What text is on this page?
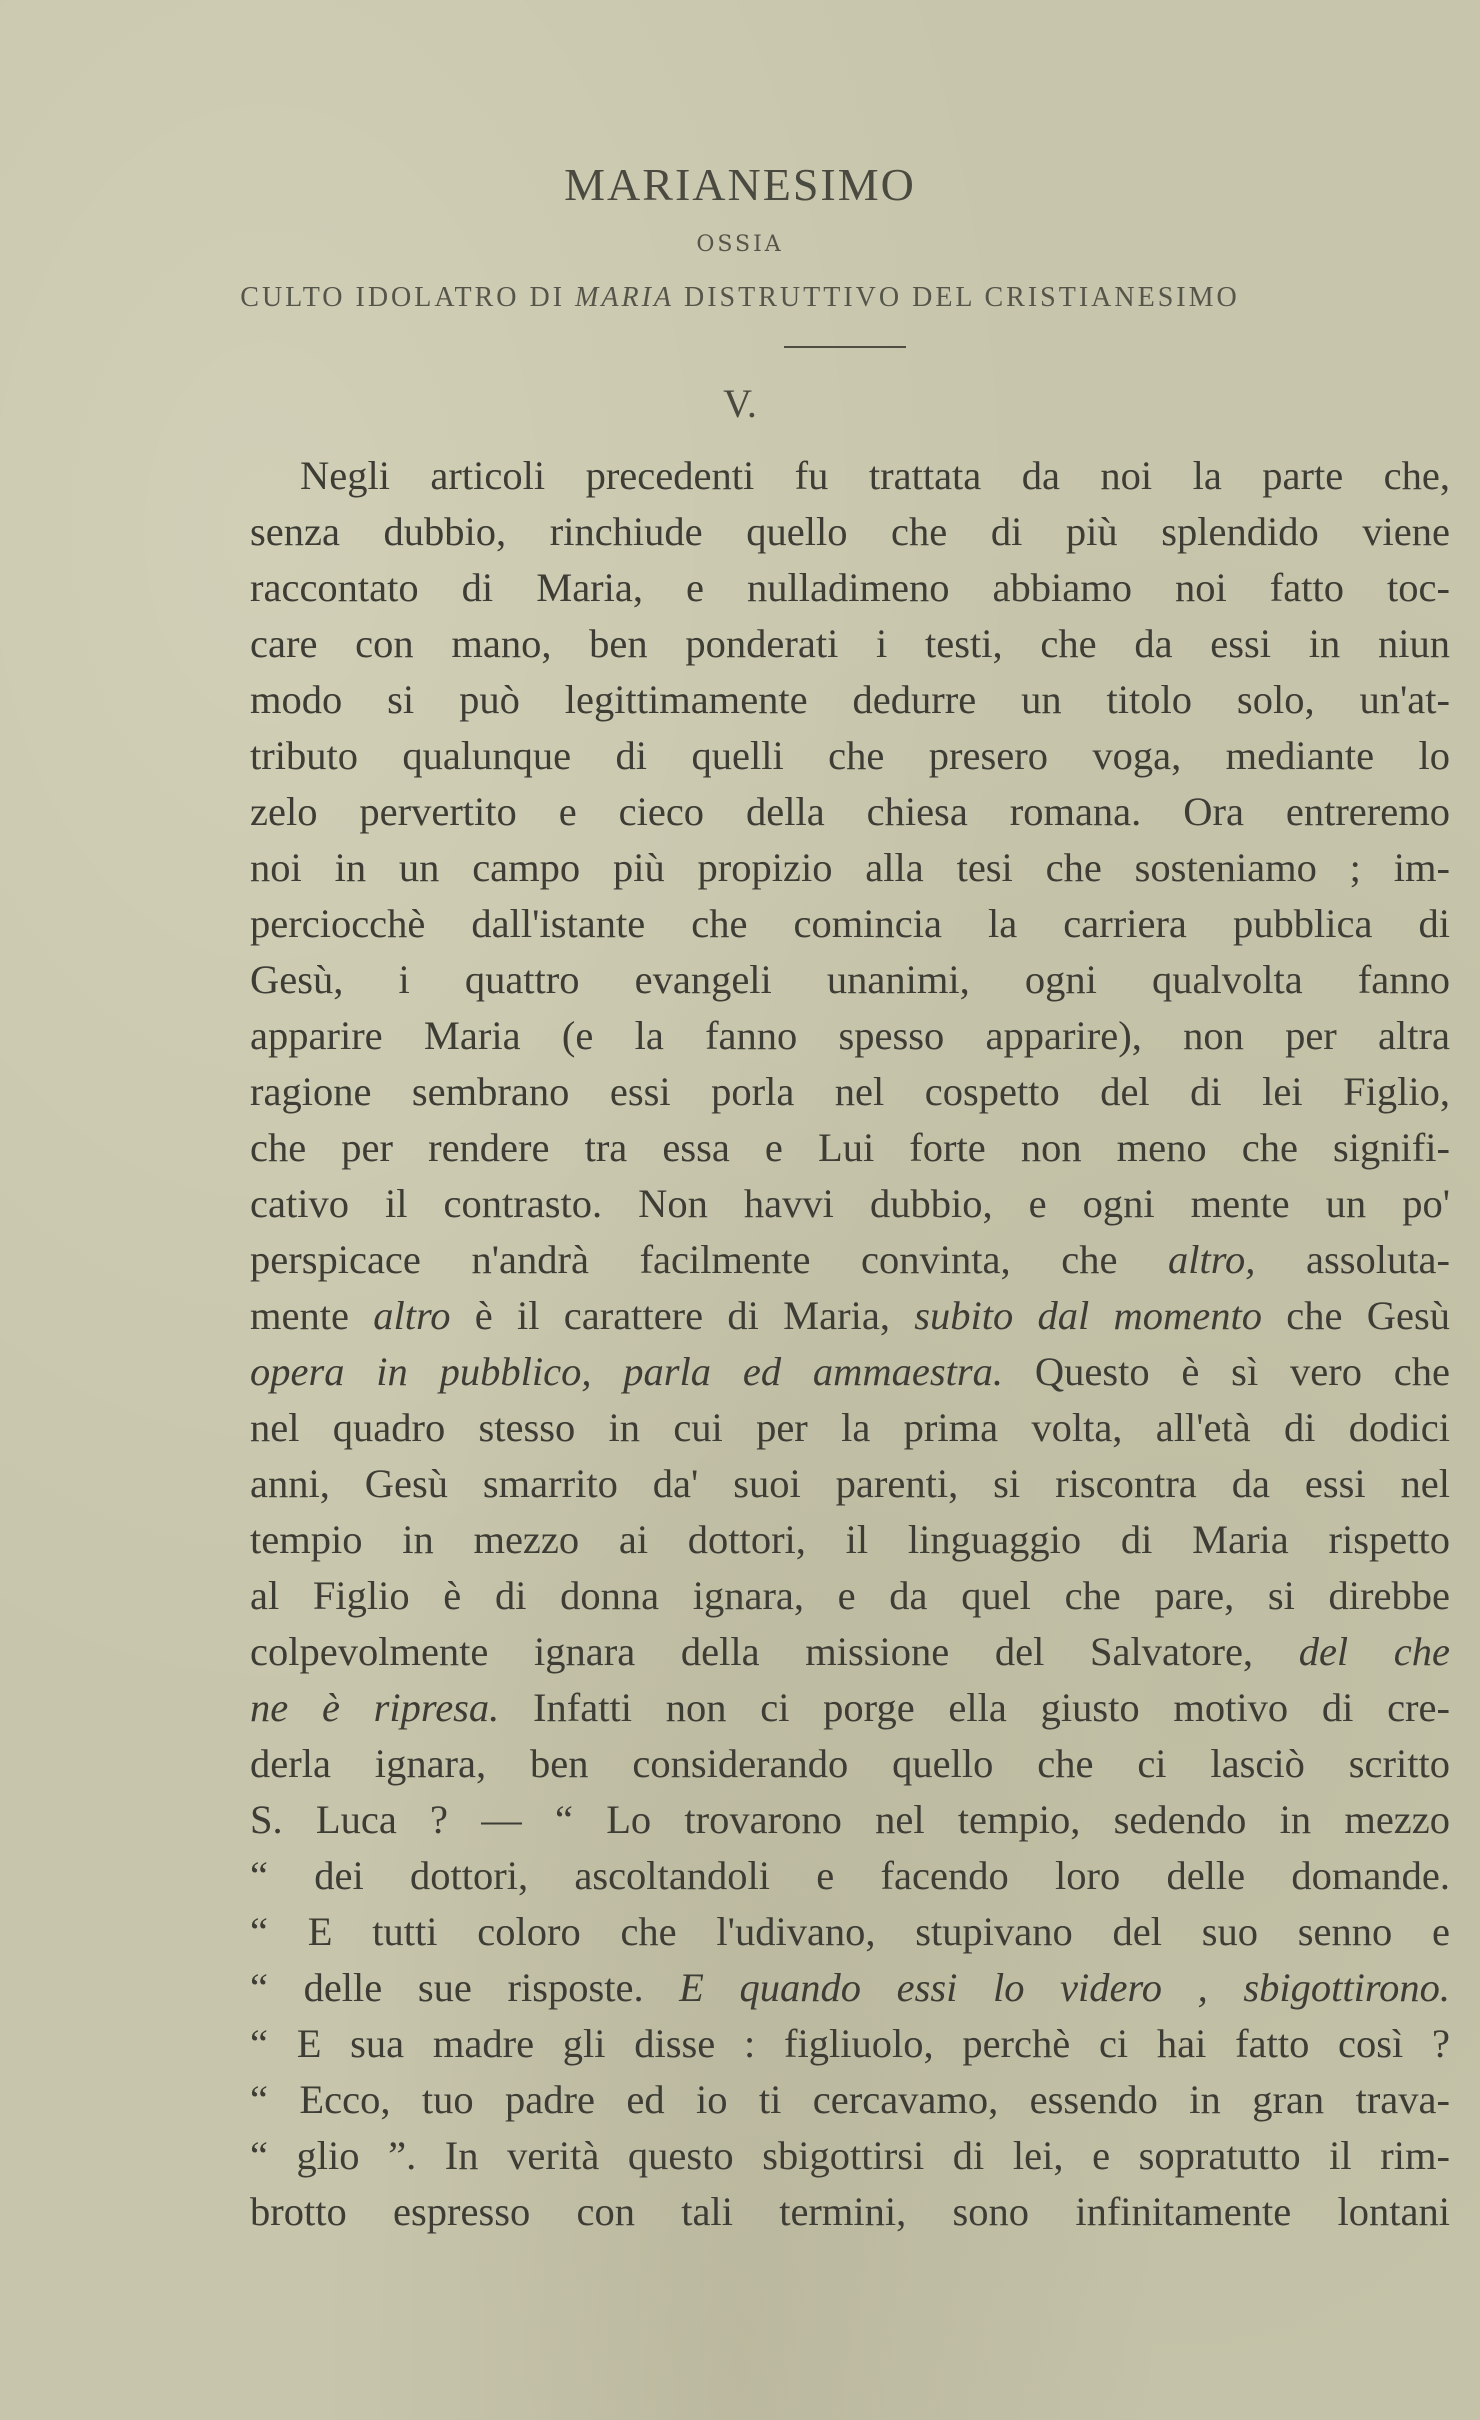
MARIANESIMO
OSSIA
CULTO IDOLATRO DI MARIA DISTRUTTIVO DEL CRISTIANESIMO
V.
Negli articoli precedenti fu trattata da noi la parte che,
senza dubbio, rinchiude quello che di più splendido viene
raccontato di Maria, e nulladimeno abbiamo noi fatto toc-
care con mano, ben ponderati i testi, che da essi in niun
modo si può legittimamente dedurre un titolo solo, un'at-
tributo qualunque di quelli che presero voga, mediante lo
zelo pervertito e cieco della chiesa romana. Ora entreremo
noi in un campo più propizio alla tesi che sosteniamo ; im-
perciocchè dall'istante che comincia la carriera pubblica di
Gesù, i quattro evangeli unanimi, ogni qualvolta fanno
apparire Maria (e la fanno spesso apparire), non per altra
ragione sembrano essi porla nel cospetto del di lei Figlio,
che per rendere tra essa e Lui forte non meno che signifi-
cativo il contrasto. Non havvi dubbio, e ogni mente un po'
perspicace n'andrà facilmente convinta, che altro, assoluta-
mente altro è il carattere di Maria, subito dal momento che Gesù
opera in pubblico, parla ed ammaestra. Questo è sì vero che
nel quadro stesso in cui per la prima volta, all'età di dodici
anni, Gesù smarrito da' suoi parenti, si riscontra da essi nel
tempio in mezzo ai dottori, il linguaggio di Maria rispetto
al Figlio è di donna ignara, e da quel che pare, si direbbe
colpevolmente ignara della missione del Salvatore, del che
ne è ripresa. Infatti non ci porge ella giusto motivo di cre-
derla ignara, ben considerando quello che ci lasciò scritto
S. Luca ? — “ Lo trovarono nel tempio, sedendo in mezzo
“ dei dottori, ascoltandoli e facendo loro delle domande.
“ E tutti coloro che l'udivano, stupivano del suo senno e
“ delle sue risposte. E quando essi lo videro , sbigottirono.
“ E sua madre gli disse : figliuolo, perchè ci hai fatto così ?
“ Ecco, tuo padre ed io ti cercavamo, essendo in gran trava-
“ glio ”. In verità questo sbigottirsi di lei, e sopratutto il rim-
brotto espresso con tali termini, sono infinitamente lontani
